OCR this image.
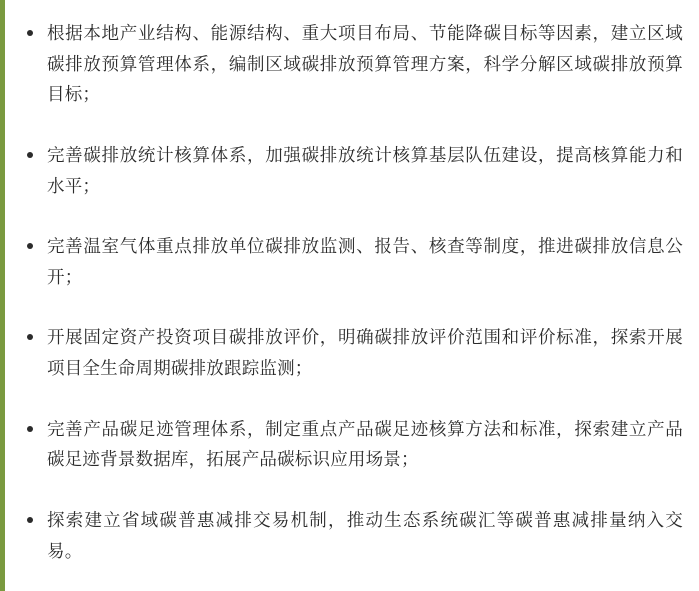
根据本地产业结构、能源结构、重大项目布局、节能降碳目标等因素，建立区域碳排放预算管理体系，编制区域碳排放预算管理方案，科学分解区域碳排放预算目标；
完善碳排放统计核算体系，加强碳排放统计核算基层队伍建设，提高核算能力和水平；
完善温室气体重点排放单位碳排放监测、报告、核查等制度，推进碳排放信息公开；
开展固定资产投资项目碳排放评价，明确碳排放评价范围和评价标准，探索开展项目全生命周期碳排放跟踪监测；
完善产品碳足迹管理体系，制定重点产品碳足迹核算方法和标准，探索建立产品碳足迹背景数据库，拓展产品碳标识应用场景；
探索建立省域碳普惠减排交易机制，推动生态系统碳汇等碳普惠减排量纳入交易。
